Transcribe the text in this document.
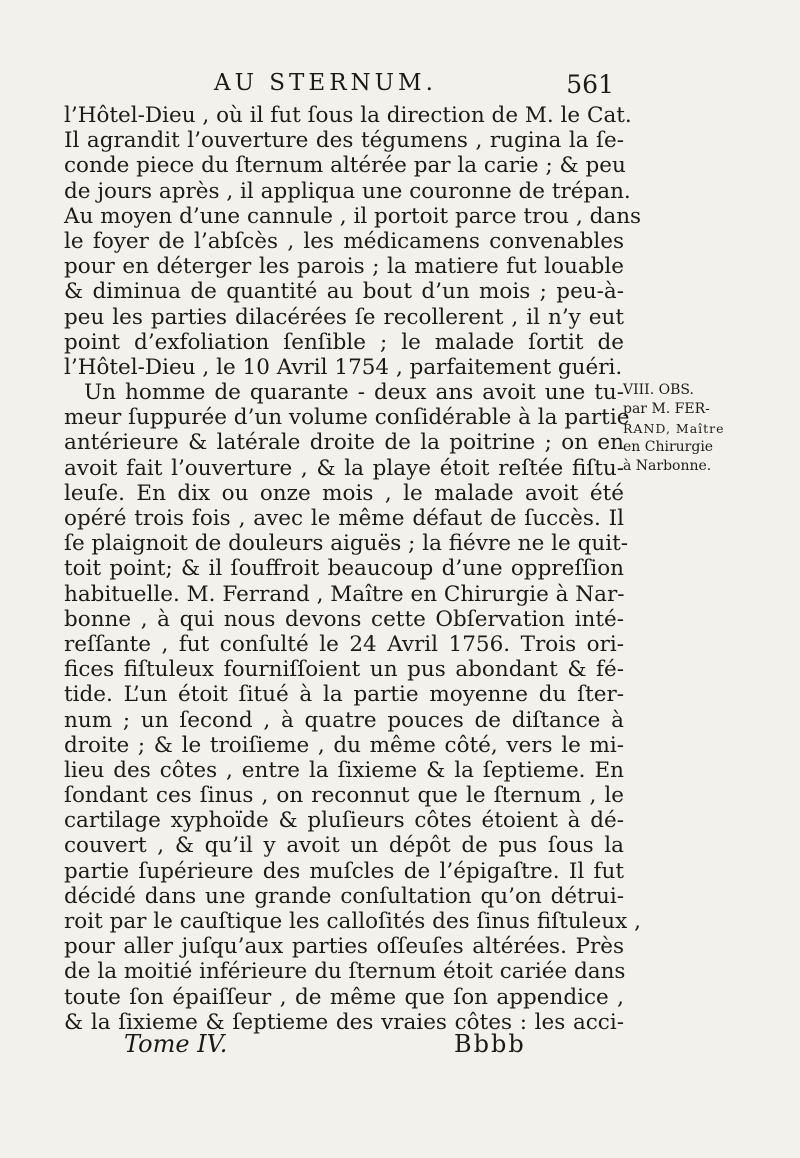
AU STERNUM.	561
l’Hôtel-Dieu , où il fut ſous la direction de M. le Cat.
Il agrandit l’ouverture des tégumens , rugina la ſe-
conde piece du ſternum altérée par la carie ; & peu
de jours après , il appliqua une couronne de trépan.
Au moyen d’une cannule , il portoit parce trou , dans
le foyer de l’abſcès , les médicamens convenables
pour en déterger les parois ; la matiere fut louable
& diminua de quantité au bout d’un mois ; peu-à-
peu les parties dilacérées ſe recollerent , il n’y eut
point d’exfoliation ſenſible ; le malade ſortit de
l’Hôtel-Dieu , le 10 Avril 1754 , parfaitement guéri.
Un homme de quarante - deux ans avoit une tu-
meur ſuppurée d’un volume conſidérable à la partie
antérieure & latérale droite de la poitrine ; on en
avoit fait l’ouverture , & la playe étoit reſtée fiſtu-
leuſe. En dix ou onze mois , le malade avoit été
opéré trois fois , avec le même défaut de ſuccès. Il
ſe plaignoit de douleurs aiguës ; la fiévre ne le quit-
toit point; & il ſouffroit beaucoup d’une oppreſſion
habituelle. M. Ferrand , Maître en Chirurgie à Nar-
bonne , à qui nous devons cette Obſervation inté-
reſſante , fut conſulté le 24 Avril 1756. Trois ori-
fices fiſtuleux fourniſſoient un pus abondant & fé-
tide. L’un étoit ſitué à la partie moyenne du ſter-
num ; un ſecond , à quatre pouces de diſtance à
droite ; & le troiſieme , du même côté, vers le mi-
lieu des côtes , entre la ſixieme & la ſeptieme. En
ſondant ces ſinus , on reconnut que le ſternum , le
cartilage xyphoïde & pluſieurs côtes étoient à dé-
couvert , & qu’il y avoit un dépôt de pus ſous la
partie ſupérieure des muſcles de l’épigaſtre. Il fut
décidé dans une grande conſultation qu’on détrui-
roit par le cauſtique les calloſités des ſinus fiſtuleux ,
pour aller juſqu’aux parties oſſeuſes altérées. Près
de la moitié inférieure du ſternum étoit cariée dans
toute ſon épaiſſeur , de même que ſon appendice ,
& la ſixieme & ſeptieme des vraies côtes : les acci-
VIII. OBS.
par M. FER-
RAND, Maître
en Chirurgie
à Narbonne.
Tome IV.	Bbbb
